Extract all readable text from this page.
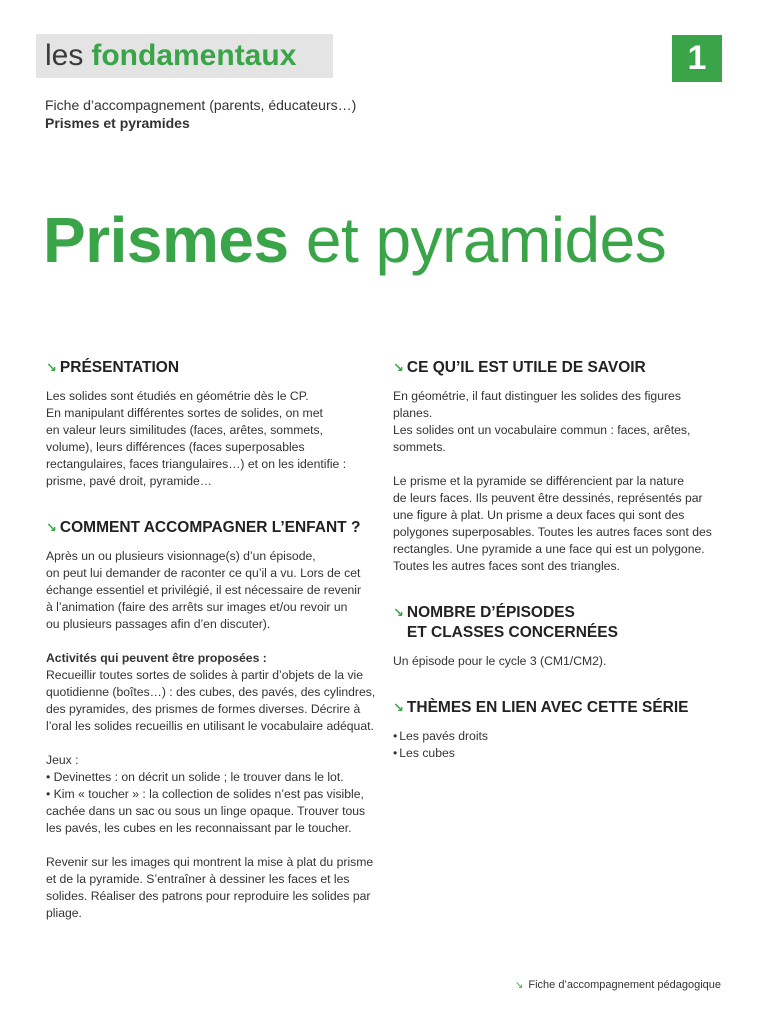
les fondamentaux	1
Fiche d’accompagnement (parents, éducateurs…)
Prismes et pyramides
Prismes et pyramides
↘ PRÉSENTATION

Les solides sont étudiés en géométrie dès le CP.
En manipulant différentes sortes de solides, on met
en valeur leurs similitudes (faces, arêtes, sommets,
volume), leurs différences (faces superposables
rectangulaires, faces triangulaires…) et on les identifie :
prisme, pavé droit, pyramide…

↘ COMMENT ACCOMPAGNER L’ENFANT ?

Après un ou plusieurs visionnage(s) d’un épisode,
on peut lui demander de raconter ce qu’il a vu. Lors de cet
échange essentiel et privilégié, il est nécessaire de revenir
à l’animation (faire des arrêts sur images et/ou revoir un
ou plusieurs passages afin d’en discuter).

Activités qui peuvent être proposées :
Recueillir toutes sortes de solides à partir d’objets de la vie
quotidienne (boîtes…) : des cubes, des pavés, des cylindres,
des pyramides, des prismes de formes diverses. Décrire à
l’oral les solides recueillis en utilisant le vocabulaire adéquat.

Jeux :
• Devinettes : on décrit un solide ; le trouver dans le lot.
• Kim « toucher » : la collection de solides n’est pas visible,
cachée dans un sac ou sous un linge opaque. Trouver tous
les pavés, les cubes en les reconnaissant par le toucher.

Revenir sur les images qui montrent la mise à plat du prisme
et de la pyramide. S’entraîner à dessiner les faces et les
solides. Réaliser des patrons pour reproduire les solides par
pliage.

↘ CE QU’IL EST UTILE DE SAVOIR

En géométrie, il faut distinguer les solides des figures planes.
Les solides ont un vocabulaire commun : faces, arêtes,
sommets.

Le prisme et la pyramide se différencient par la nature
de leurs faces. Ils peuvent être dessinés, représentés par
une figure à plat. Un prisme a deux faces qui sont des
polygones superposables. Toutes les autres faces sont des
rectangles. Une pyramide a une face qui est un polygone.
Toutes les autres faces sont des triangles.

↘ NOMBRE D’ÉPISODES
ET CLASSES CONCERNÉES

Un épisode pour le cycle 3 (CM1/CM2).

↘ THÈMES EN LIEN AVEC CETTE SÉRIE
• Les pavés droits
• Les cubes
↘ Fiche d’accompagnement pédagogique
